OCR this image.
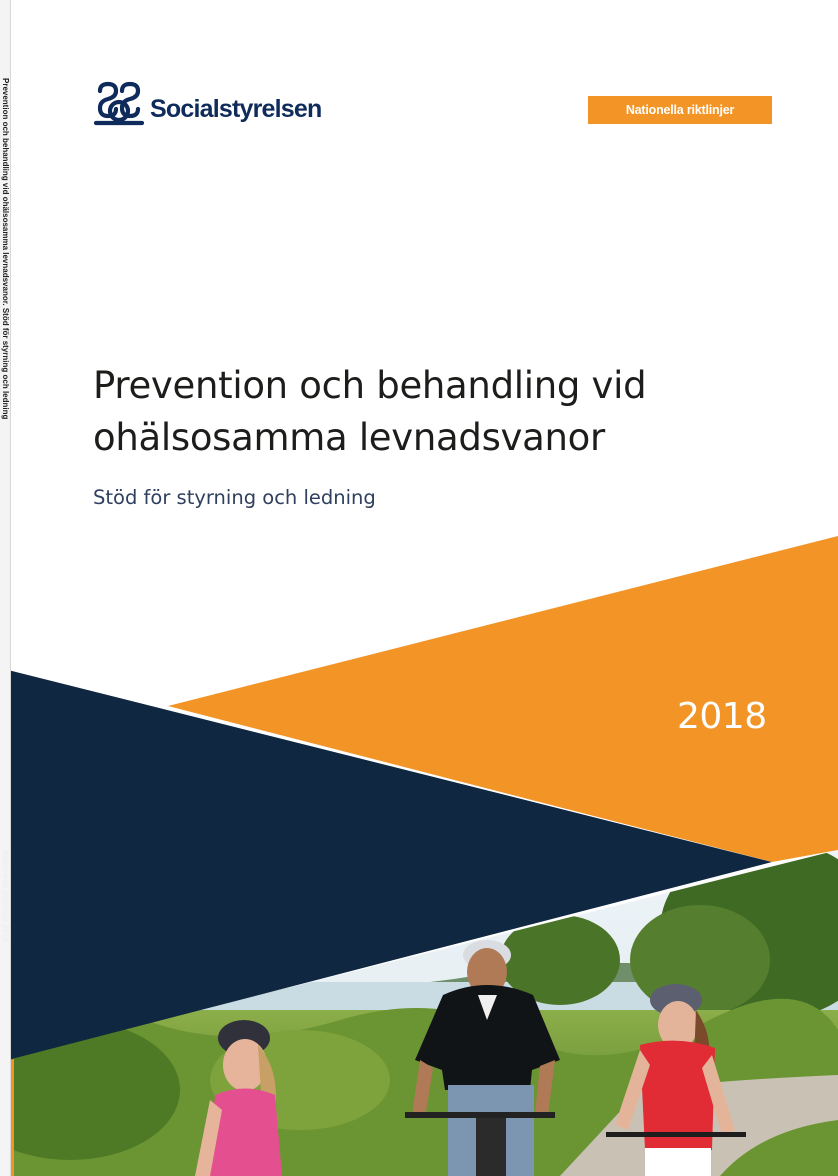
Prevention och behandling vid ohälsosamma levnadsvanor. Stöd för styrning och ledning
Nationella riktlinjer 2018
Socialstyrelsen	Nationella riktlinjer
Prevention och behandling vid
ohälsosamma levnadsvanor
Stöd för styrning och ledning
2018
